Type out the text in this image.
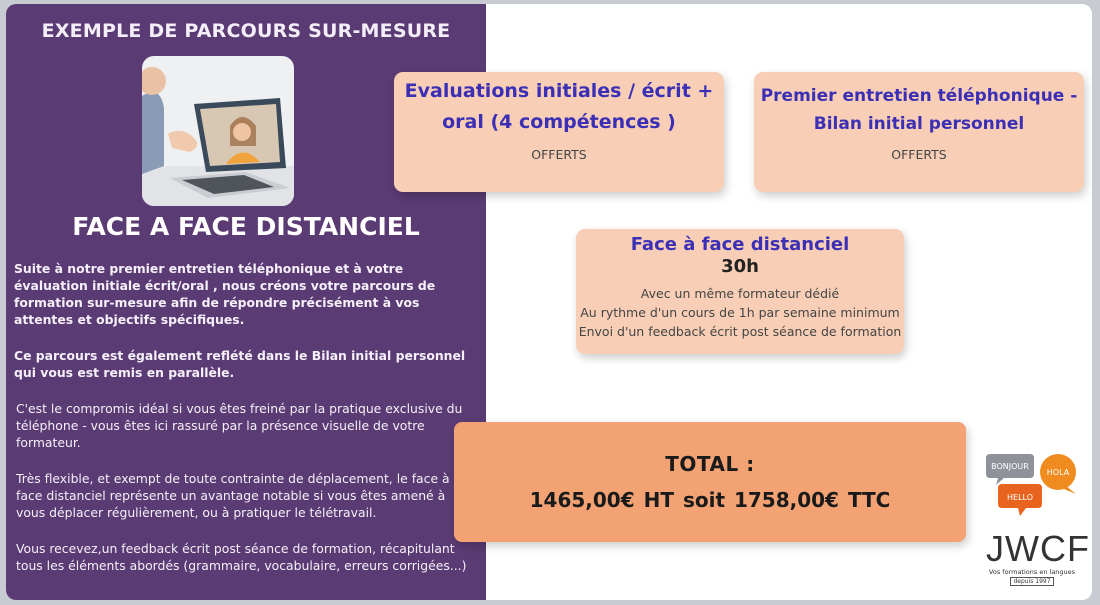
EXEMPLE DE PARCOURS SUR-MESURE
FACE A FACE DISTANCIEL
Suite à notre premier entretien téléphonique et à votre évaluation initiale écrit/oral , nous créons votre parcours de formation sur-mesure afin de répondre précisément à vos attentes et objectifs spécifiques.
Ce parcours est également reflété dans le Bilan initial personnel qui vous est remis en parallèle.
C'est le compromis idéal si vous êtes freiné par la pratique exclusive du téléphone - vous êtes ici rassuré par la présence visuelle de votre formateur.
Très flexible, et exempt de toute contrainte de déplacement, le face à face distanciel représente un avantage notable si vous êtes amené à vous déplacer régulièrement, ou à pratiquer le télétravail.
Vous recevez,un feedback écrit post séance de formation, récapitulant tous les éléments abordés (grammaire, vocabulaire, erreurs corrigées...)
Evaluations initiales / écrit +
oral (4 compétences )
OFFERTS
Premier entretien téléphonique -
Bilan initial personnel
OFFERTS
Face à face distanciel
30h
Avec un même formateur dédié
Au rythme d'un cours de 1h par semaine minimum
Envoi d'un feedback écrit post séance de formation
TOTAL :
1465,00€ HT soit 1758,00€ TTC
BONJOUR
HOLA
HELLO
JWCF
Vos formations en langues
depuis 1997
